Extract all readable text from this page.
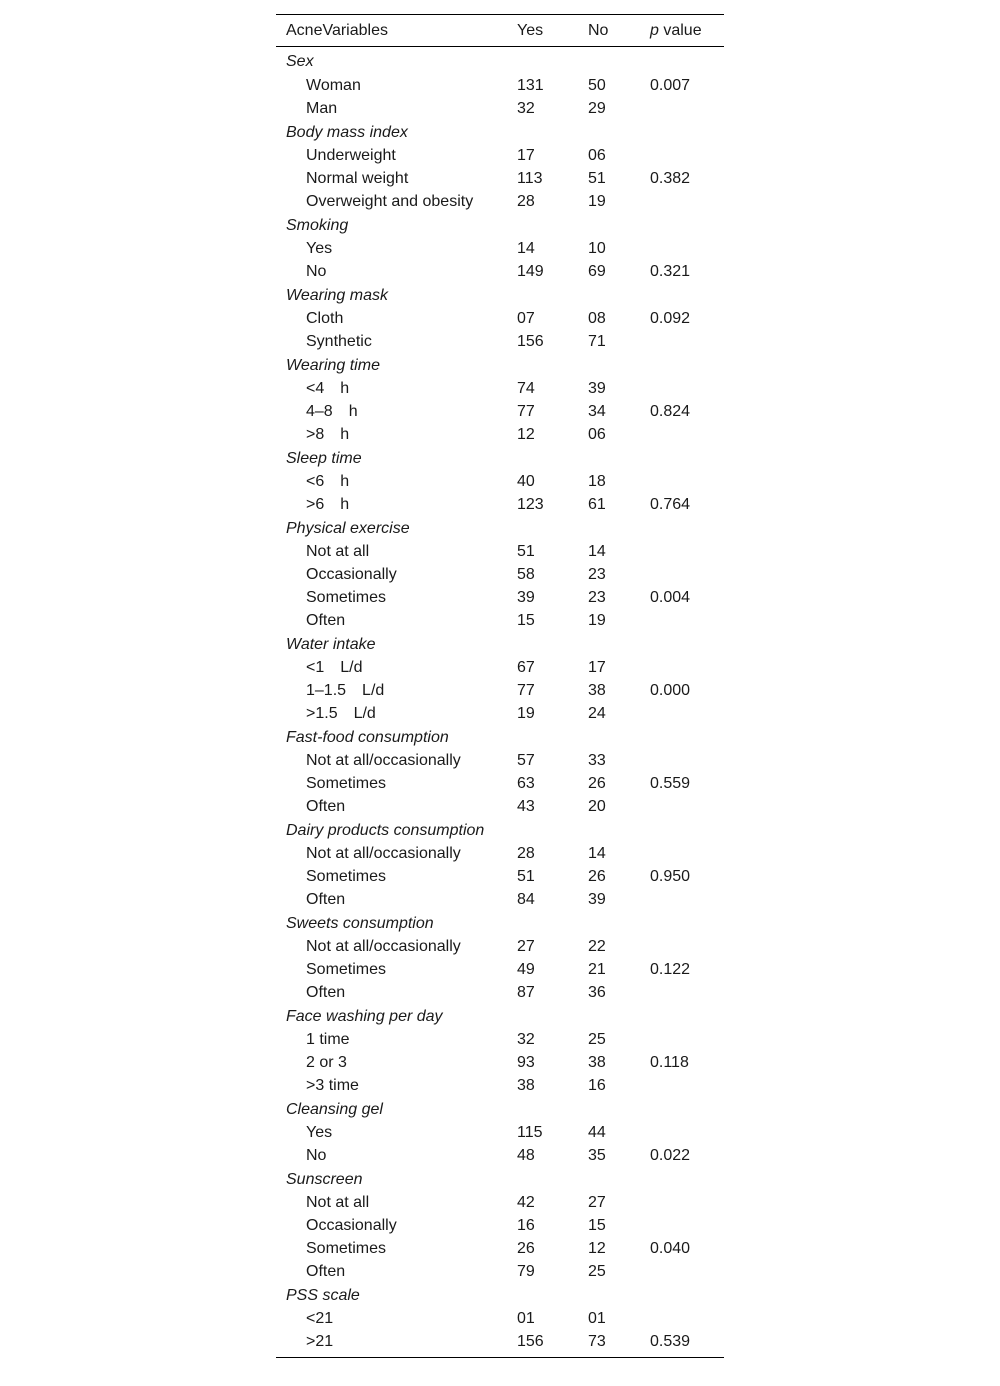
AcneVariables	Yes	No	p value
Sex			
Woman	131	50	0.007
Man	32	29	
Body mass index			
Underweight	17	06	
Normal weight	113	51	0.382
Overweight and obesity	28	19	
Smoking			
Yes	14	10	
No	149	69	0.321
Wearing mask			
Cloth	07	08	0.092
Synthetic	156	71	
Wearing time			
<4 h	74	39	
4–8 h	77	34	0.824
>8 h	12	06	
Sleep time			
<6 h	40	18	
>6 h	123	61	0.764
Physical exercise			
Not at all	51	14	
Occasionally	58	23	
Sometimes	39	23	0.004
Often	15	19	
Water intake			
<1 L/d	67	17	
1–1.5 L/d	77	38	0.000
>1.5 L/d	19	24	
Fast-food consumption			
Not at all/occasionally	57	33	
Sometimes	63	26	0.559
Often	43	20	
Dairy products consumption			
Not at all/occasionally	28	14	
Sometimes	51	26	0.950
Often	84	39	
Sweets consumption			
Not at all/occasionally	27	22	
Sometimes	49	21	0.122
Often	87	36	
Face washing per day			
1 time	32	25	
2 or 3	93	38	0.118
>3 time	38	16	
Cleansing gel			
Yes	115	44	
No	48	35	0.022
Sunscreen			
Not at all	42	27	
Occasionally	16	15	
Sometimes	26	12	0.040
Often	79	25	
PSS scale			
<21	01	01	
>21	156	73	0.539
